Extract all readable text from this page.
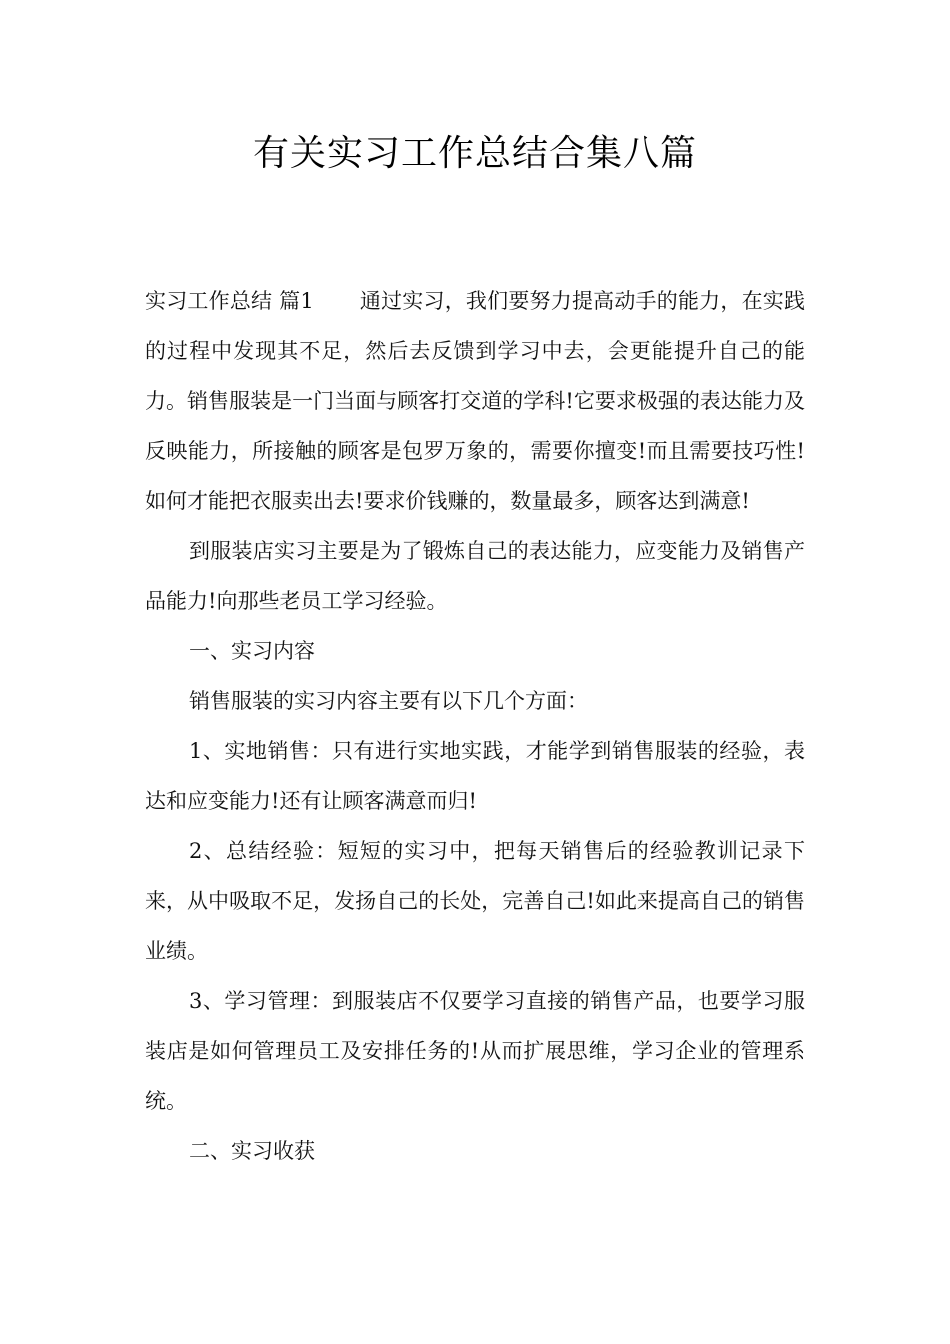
有关实习工作总结合集八篇

实习工作总结 篇1 通过实习，我们要努力提高动手的能力，在实践的过程中发现其不足，然后去反馈到学习中去，会更能提升自己的能力。销售服装是一门当面与顾客打交道的学科!它要求极强的表达能力及反映能力，所接触的顾客是包罗万象的，需要你擅变!而且需要技巧性!如何才能把衣服卖出去!要求价钱赚的，数量最多，顾客达到满意!

到服装店实习主要是为了锻炼自己的表达能力，应变能力及销售产品能力!向那些老员工学习经验。

一、实习内容

销售服装的实习内容主要有以下几个方面：

1、实地销售：只有进行实地实践，才能学到销售服装的经验，表达和应变能力!还有让顾客满意而归!

2、总结经验：短短的实习中，把每天销售后的经验教训记录下来，从中吸取不足，发扬自己的长处，完善自己!如此来提高自己的销售业绩。

3、学习管理：到服装店不仅要学习直接的销售产品，也要学习服装店是如何管理员工及安排任务的!从而扩展思维，学习企业的管理系统。

二、实习收获
